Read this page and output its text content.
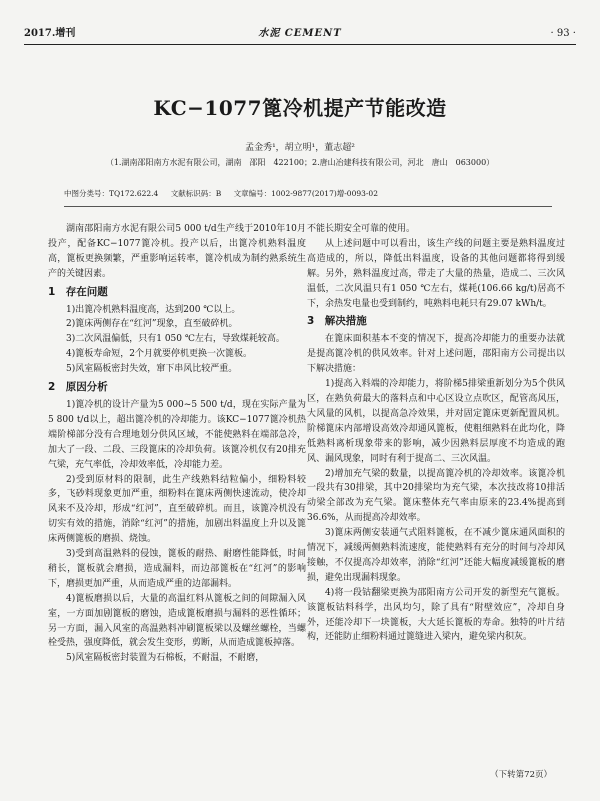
2017.增刊	水泥 CEMENT	· 93 ·
KC−1077篦冷机提产节能改造
孟金秀¹，胡立明¹，董志超²
（1.湖南邵阳南方水泥有限公司，湖南　邵阳　422100；2.唐山冶建科技有限公司，河北　唐山　063000）
中图分类号：TQ172.622.4 文献标识码：B 文章编号：1002-9877(2017)增-0093-02

湖南邵阳南方水泥有限公司5 000 t/d生产线于2010年10月投产，配备KC−1077篦冷机。投产以后，出篦冷机熟料温度高，篦板更换频繁，严重影响运转率，篦冷机成为制约熟系统生产的关键因素。

1　存在问题

1)出篦冷机熟料温度高，达到200 ℃以上。

2)篦床两侧存在“红河”现象，直至破碎机。

3)二次风温偏低，只有1 050 ℃左右，导致煤耗较高。

4)篦板寿命短，2个月就要停机更换一次篦板。

5)风室隔板密封失效，窜下串风比较严重。

2　原因分析

1)篦冷机的设计产量为5 000~5 500 t/d，现在实际产量为5 800 t/d以上，超出篦冷机的冷却能力。该KC−1077篦冷机热端阶梯部分没有合理地划分供风区域，不能使熟料在端部急冷，加大了一段、二段、三段篦床的冷却负荷。该篦冷机仅有20排充气梁，充气率低，冷却效率低，冷却能力差。

2)受到原材料的限制，此生产线熟料结粒偏小，细粉料较多，飞砂料现象更加严重，细粉料在篦床两侧快速流动，使冷却风来不及冷却，形成“红河”，直至破碎机。而且，该篦冷机没有切实有效的措施，消除“红河”的措施，加剧出料温度上升以及篦床两侧篦板的磨损、烧蚀。

3)受到高温熟料的侵蚀，篦板的耐热、耐磨性能降低，时间稍长，篦板就会磨损，造成漏料，而边部篦板在“红河”的影响下，磨损更加严重，从而造成严重的边部漏料。

4)篦板磨损以后，大量的高温红料从篦板之间的间隙漏入风室，一方面加剧篦板的磨蚀，造成篦板磨损与漏料的恶性循环；另一方面，漏入风室的高温熟料冲刷篦板梁以及螺丝螺栓，当螺栓受热，强度降低，就会发生变形，剪断，从而造成篦板掉落。

5)风室隔板密封装置为石棉板，不耐温，不耐磨，

不能长期安全可靠的使用。

从上述问题中可以看出，该生产线的问题主要是熟料温度过高造成的，所以，降低出料温度，设备的其他问题都将得到缓解。另外，熟料温度过高，带走了大量的热量，造成二、三次风温低，二次风温只有1 050 ℃左右，煤耗(106.66 kg/t)居高不下，余热发电量也受到制约，吨熟料电耗只有29.07 kWh/t。

3　解决措施

在篦床面积基本不变的情况下，提高冷却能力的重要办法就是提高篦冷机的供风效率。针对上述问题，邵阳南方公司提出以下解决措施：

1)提高入料端的冷却能力，将阶梯5排梁重新划分为5个供风区，在熟负荷最大的落料点和中心区设立点吹区，配管高风压，大风量的风机，以提高急冷效果，并对固定篦床更新配置风机。阶梯篦床内部增设高效冷却通风篦板，使粗细熟料在此均化，降低熟料离析现象带来的影响，减少因熟料层厚度不均造成的跑风、漏风现象，同时有利于提高二、三次风温。

2)增加充气梁的数量，以提高篦冷机的冷却效率。该篦冷机一段共有30排梁，其中20排梁均为充气梁，本次技改将10排活动梁全部改为充气梁。篦床整体充气率由原来的23.4%提高到36.6%，从而提高冷却效率。

3)篦床两侧安装通气式阻料篦板，在不减少篦床通风面积的情况下，减缓两侧熟料流速度，能使熟料有充分的时间与冷却风接触，不仅提高冷却效率，消除“红河”还能大幅度减缓篦板的磨损，避免出现漏料现象。

4)将一段钴翻梁更换为邵阳南方公司开发的新型充气篦板。该篦板钴料科学，出风均匀，除了具有“附壁效应”，冷却自身外，还能冷却下一块篦板，大大延长篦板的寿命。独特的叶片结构，还能防止细粉料通过篦缝进入梁内，避免梁内积灰。

（下转第72页）
